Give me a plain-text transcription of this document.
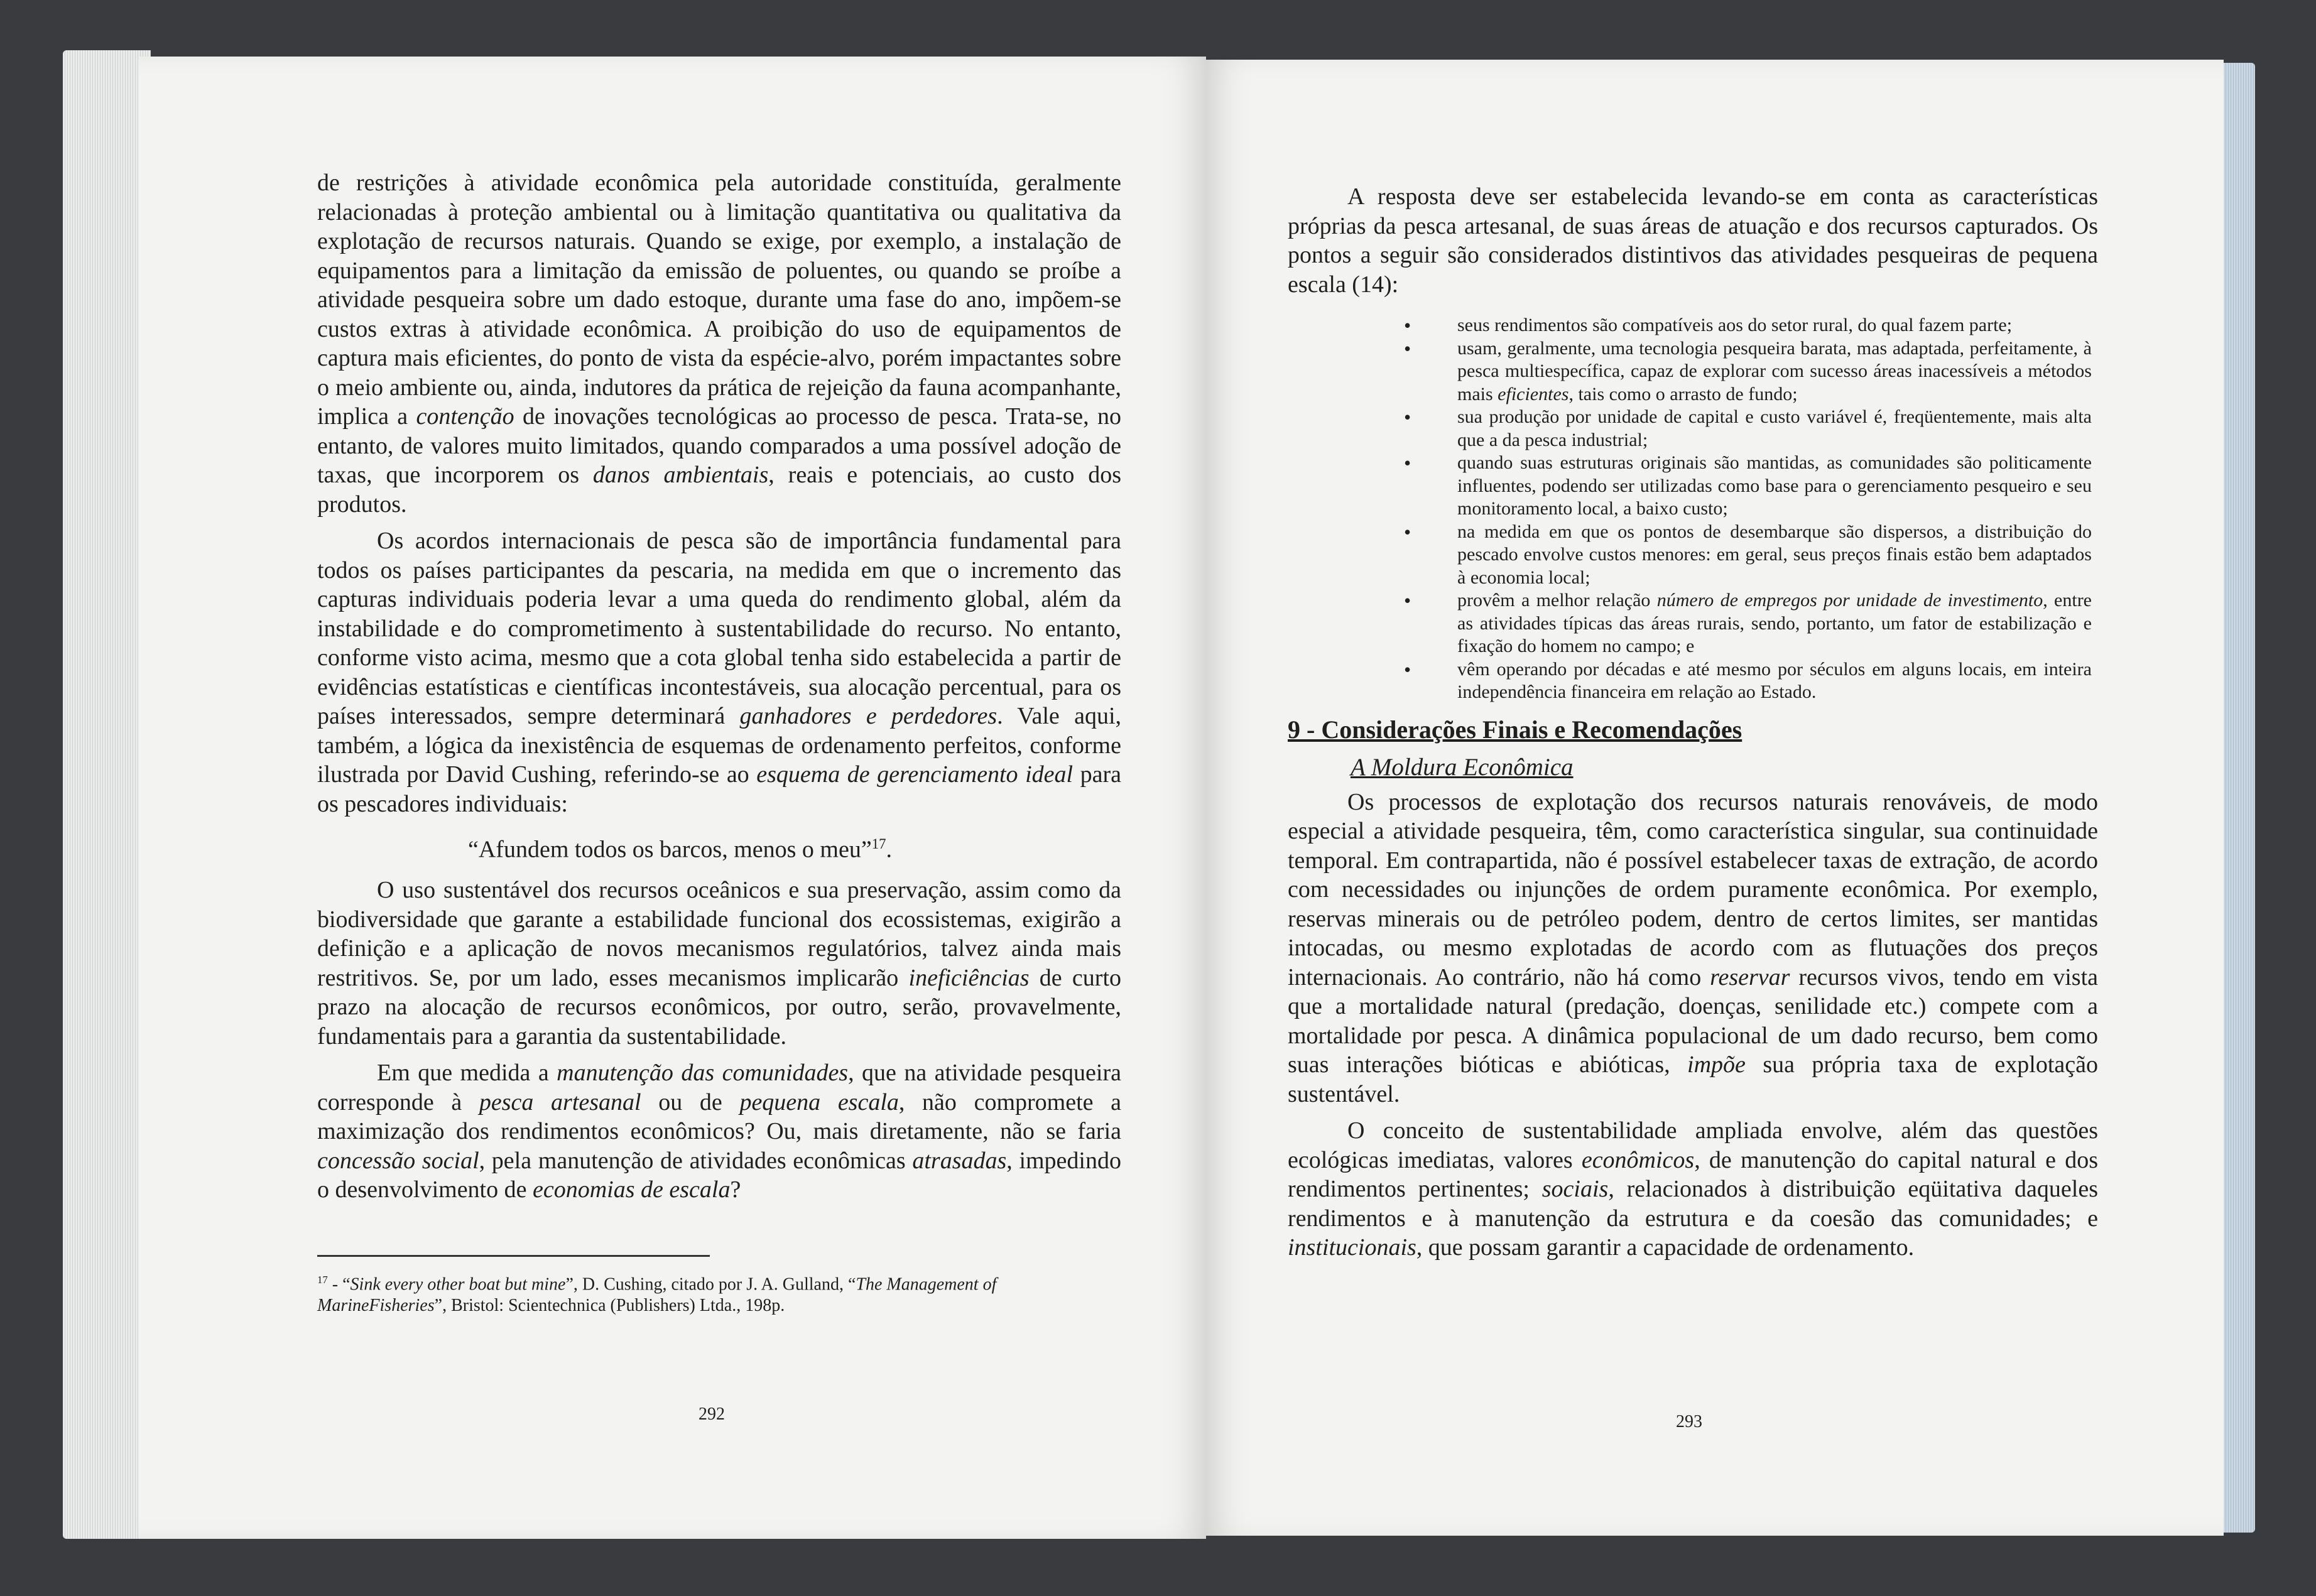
de restrições à atividade econômica pela autoridade constituída, geralmente relacionadas à proteção ambiental ou à limitação quantitativa ou qualitativa da explotação de recursos naturais. Quando se exige, por exemplo, a instalação de equipamentos para a limitação da emissão de poluentes, ou quando se proíbe a atividade pesqueira sobre um dado estoque, durante uma fase do ano, impõem-se custos extras à atividade econômica. A proibição do uso de equipamentos de captura mais eficientes, do ponto de vista da espécie-alvo, porém impactantes sobre o meio ambiente ou, ainda, indutores da prática de rejeição da fauna acompanhante, implica a contenção de inovações tecnológicas ao processo de pesca. Trata-se, no entanto, de valores muito limitados, quando comparados a uma possível adoção de taxas, que incorporem os danos ambientais, reais e potenciais, ao custo dos produtos.

Os acordos internacionais de pesca são de importância fundamental para todos os países participantes da pescaria, na medida em que o incremento das capturas individuais poderia levar a uma queda do rendimento global, além da instabilidade e do comprometimento à sustentabilidade do recurso. No entanto, conforme visto acima, mesmo que a cota global tenha sido estabelecida a partir de evidências estatísticas e científicas incontestáveis, sua alocação percentual, para os países interessados, sempre determinará ganhadores e perdedores. Vale aqui, também, a lógica da inexistência de esquemas de ordenamento perfeitos, conforme ilustrada por David Cushing, referindo-se ao esquema de gerenciamento ideal para os pescadores individuais:

“Afundem todos os barcos, menos o meu”$^{17}$.

O uso sustentável dos recursos oceânicos e sua preservação, assim como da biodiversidade que garante a estabilidade funcional dos ecossistemas, exigirão a definição e a aplicação de novos mecanismos regulatórios, talvez ainda mais restritivos. Se, por um lado, esses mecanismos implicarão ineficiências de curto prazo na alocação de recursos econômicos, por outro, serão, provavelmente, fundamentais para a garantia da sustentabilidade.

Em que medida a manutenção das comunidades, que na atividade pesqueira corresponde à pesca artesanal ou de pequena escala, não compromete a maximização dos rendimentos econômicos? Ou, mais diretamente, não se faria concessão social, pela manutenção de atividades econômicas atrasadas, impedindo o desenvolvimento de economias de escala?

$^{17}$ - “Sink every other boat but mine”, D. Cushing, citado por J. A. Gulland, “The Management of MarineFisheries”, Bristol: Scientechnica (Publishers) Ltda., 198p.

292

A resposta deve ser estabelecida levando-se em conta as características próprias da pesca artesanal, de suas áreas de atuação e dos recursos capturados. Os pontos a seguir são considerados distintivos das atividades pesqueiras de pequena escala (14):

• seus rendimentos são compatíveis aos do setor rural, do qual fazem parte;
• usam, geralmente, uma tecnologia pesqueira barata, mas adaptada, perfeitamente, à pesca multiespecífica, capaz de explorar com sucesso áreas inacessíveis a métodos mais eficientes, tais como o arrasto de fundo;
• sua produção por unidade de capital e custo variável é, freqüentemente, mais alta que a da pesca industrial;
• quando suas estruturas originais são mantidas, as comunidades são politicamente influentes, podendo ser utilizadas como base para o gerenciamento pesqueiro e seu monitoramento local, a baixo custo;
• na medida em que os pontos de desembarque são dispersos, a distribuição do pescado envolve custos menores: em geral, seus preços finais estão bem adaptados à economia local;
• provêm a melhor relação número de empregos por unidade de investimento, entre as atividades típicas das áreas rurais, sendo, portanto, um fator de estabilização e fixação do homem no campo; e
• vêm operando por décadas e até mesmo por séculos em alguns locais, em inteira independência financeira em relação ao Estado.

9 - Considerações Finais e Recomendações

A Moldura Econômica

Os processos de explotação dos recursos naturais renováveis, de modo especial a atividade pesqueira, têm, como característica singular, sua continuidade temporal. Em contrapartida, não é possível estabelecer taxas de extração, de acordo com necessidades ou injunções de ordem puramente econômica. Por exemplo, reservas minerais ou de petróleo podem, dentro de certos limites, ser mantidas intocadas, ou mesmo explotadas de acordo com as flutuações dos preços internacionais. Ao contrário, não há como reservar recursos vivos, tendo em vista que a mortalidade natural (predação, doenças, senilidade etc.) compete com a mortalidade por pesca. A dinâmica populacional de um dado recurso, bem como suas interações bióticas e abióticas, impõe sua própria taxa de explotação sustentável.

O conceito de sustentabilidade ampliada envolve, além das questões ecológicas imediatas, valores econômicos, de manutenção do capital natural e dos rendimentos pertinentes; sociais, relacionados à distribuição eqüitativa daqueles rendimentos e à manutenção da estrutura e da coesão das comunidades; e institucionais, que possam garantir a capacidade de ordenamento.

293
